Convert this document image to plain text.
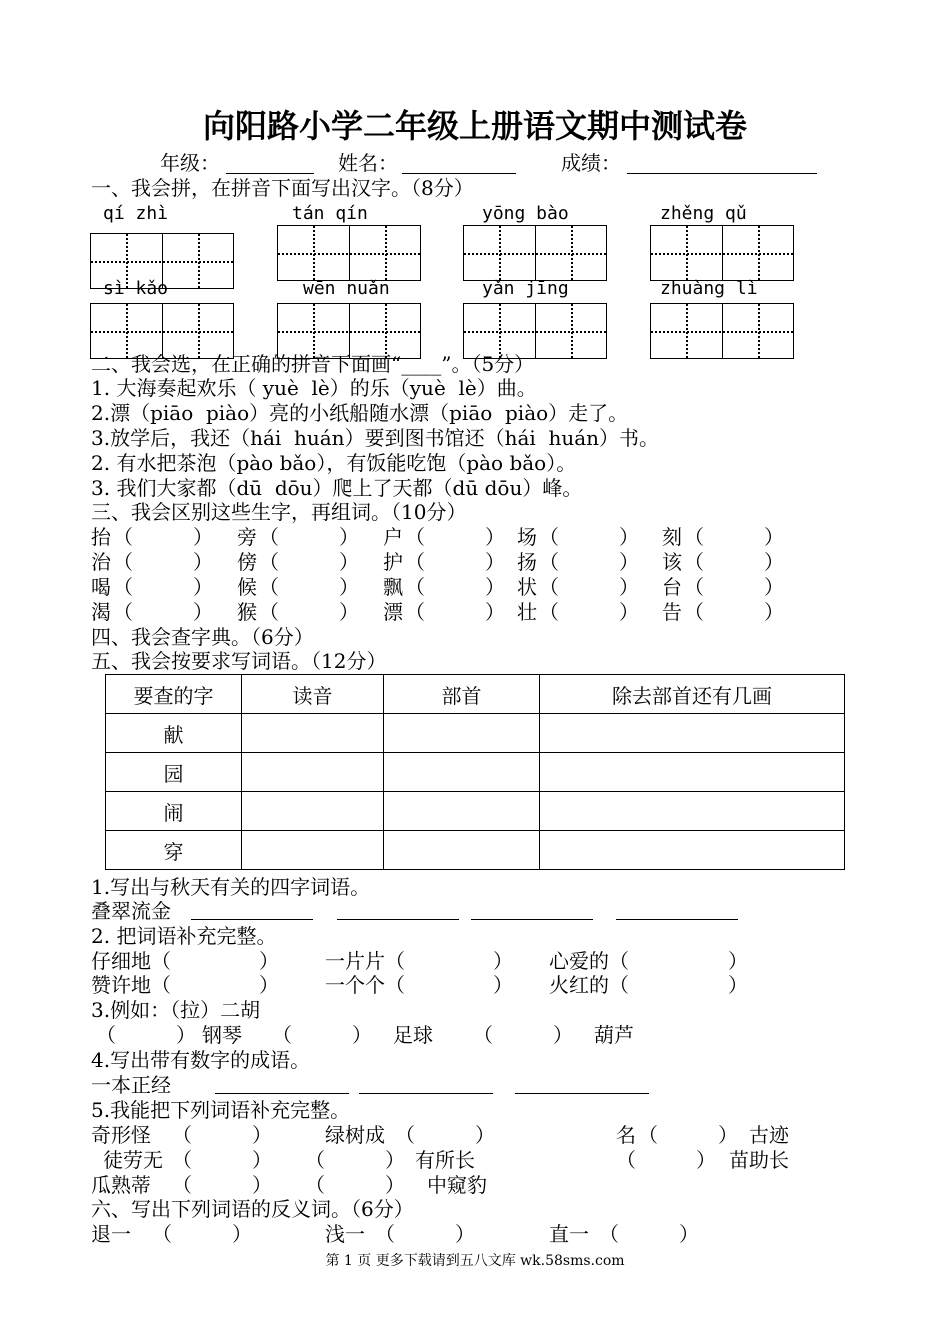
向阳路小学二年级上册语文期中测试卷
年级：	姓名：	成绩：
一、我会拼，在拼音下面写出汉字。（8分）
qí zhì	tán qín	yōng bào	zhěng qǔ
sì kǎo	wēn nuǎn	yǎn jīng	zhuàng lì
二、我会选，在正确的拼音下面画“____”。（5分）
1. 大海奏起欢乐（ yuè  lè）的乐（yuè  lè）曲。
2.漂（piāo  piào）亮的小纸船随水漂（piāo  piào）走了。
3.放学后，我还（hái  huán）要到图书馆还（hái  huán）书。
2. 有水把茶泡（pào bǎo），有饭能吃饱（pào bǎo）。
3. 我们大家都（dū  dōu）爬上了天都（dū dōu）峰。
三、我会区别这些生字，再组词。（10分）
抬 （　　　） 旁 （　　　） 户 （　　　） 场 （　　　） 刻 （　　　）
治 （　　　） 傍 （　　　） 护 （　　　） 扬 （　　　） 该 （　　　）
喝 （　　　） 候 （　　　） 飘 （　　　） 状 （　　　） 台 （　　　）
渴 （　　　） 猴 （　　　） 漂 （　　　） 壮 （　　　） 告 （　　　）
四、我会查字典。（6分）
五、我会按要求写词语。（12分）
要查的字	读音	部首	除去部首还有几画
献			
园			
闹			
穿			
1.写出与秋天有关的四字词语。
叠翠流金
2. 把词语补充完整。
仔细地（	） 一片片（	） 心爱的（	）
赞许地（	） 一个个（	） 火红的（	）
3.例如：（拉）二胡
（　　　） 钢琴 （　　　） 足球 （　　　） 葫芦
4.写出带有数字的成语。
一本正经
5.我能把下列词语补充完整。
奇形怪 （　　　）	绿树成 （　　　）	名 （　　　） 古迹
徒劳无 （　　　） （　　　） 有所长	（　　　） 苗助长
瓜熟蒂 （　　　） （　　　） 中窥豹
六、写出下列词语的反义词。（6分）
退一 （　　　）	浅一 （　　　）	直一 （　　　）
第 1 页 更多下载请到五八文库 wk.58sms.com
